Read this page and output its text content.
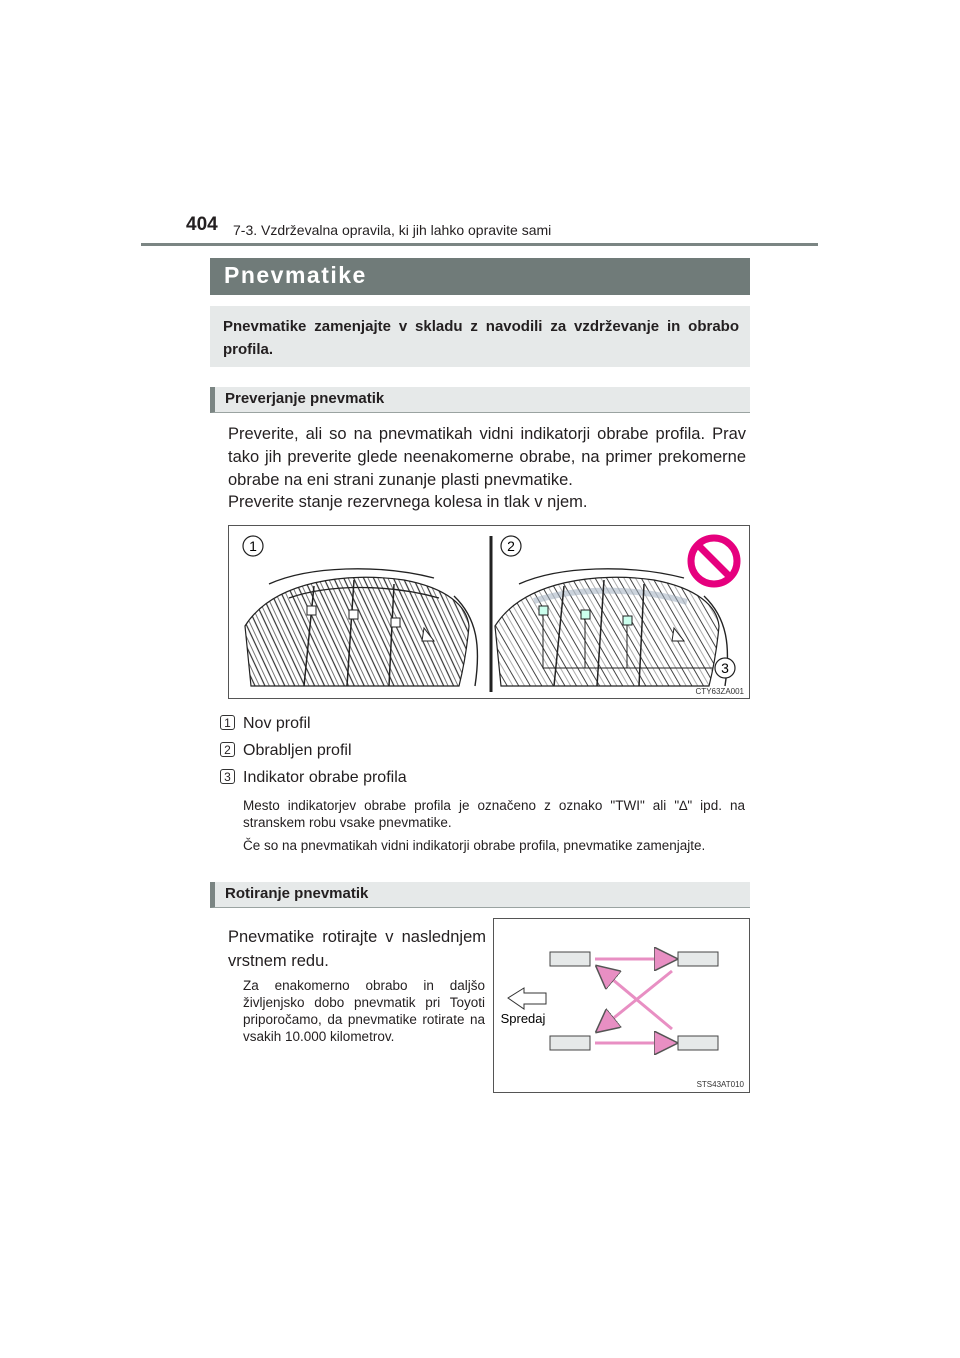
404 7-3. Vzdrževalna opravila, ki jih lahko opravite sami
Pnevmatike
Pnevmatike zamenjajte v skladu z navodili za vzdrževanje in obrabo profila.
Preverjanje pnevmatik
Preverite, ali so na pnevmatikah vidni indikatorji obrabe profila. Prav tako jih preverite glede neenakomerne obrabe, na primer prekomerne obrabe na eni strani zunanje plasti pnevmatike.
Preverite stanje rezervnega kolesa in tlak v njem.
1	2
3
CTY63ZA001
1 Nov profil
2 Obrabljen profil
3 Indikator obrabe profila
Mesto indikatorjev obrabe profila je označeno z oznako "TWI" ali "∆" ipd. na stranskem robu vsake pnevmatike.
Če so na pnevmatikah vidni indikatorji obrabe profila, pnevmatike zamenjajte.
Rotiranje pnevmatik
Pnevmatike rotirajte v naslednjem vrstnem redu.
Za enakomerno obrabo in daljšo življenjsko dobo pnevmatik pri Toyoti priporočamo, da pnevmatike rotirate na vsakih 10.000 kilometrov.
Spredaj
STS43AT010
